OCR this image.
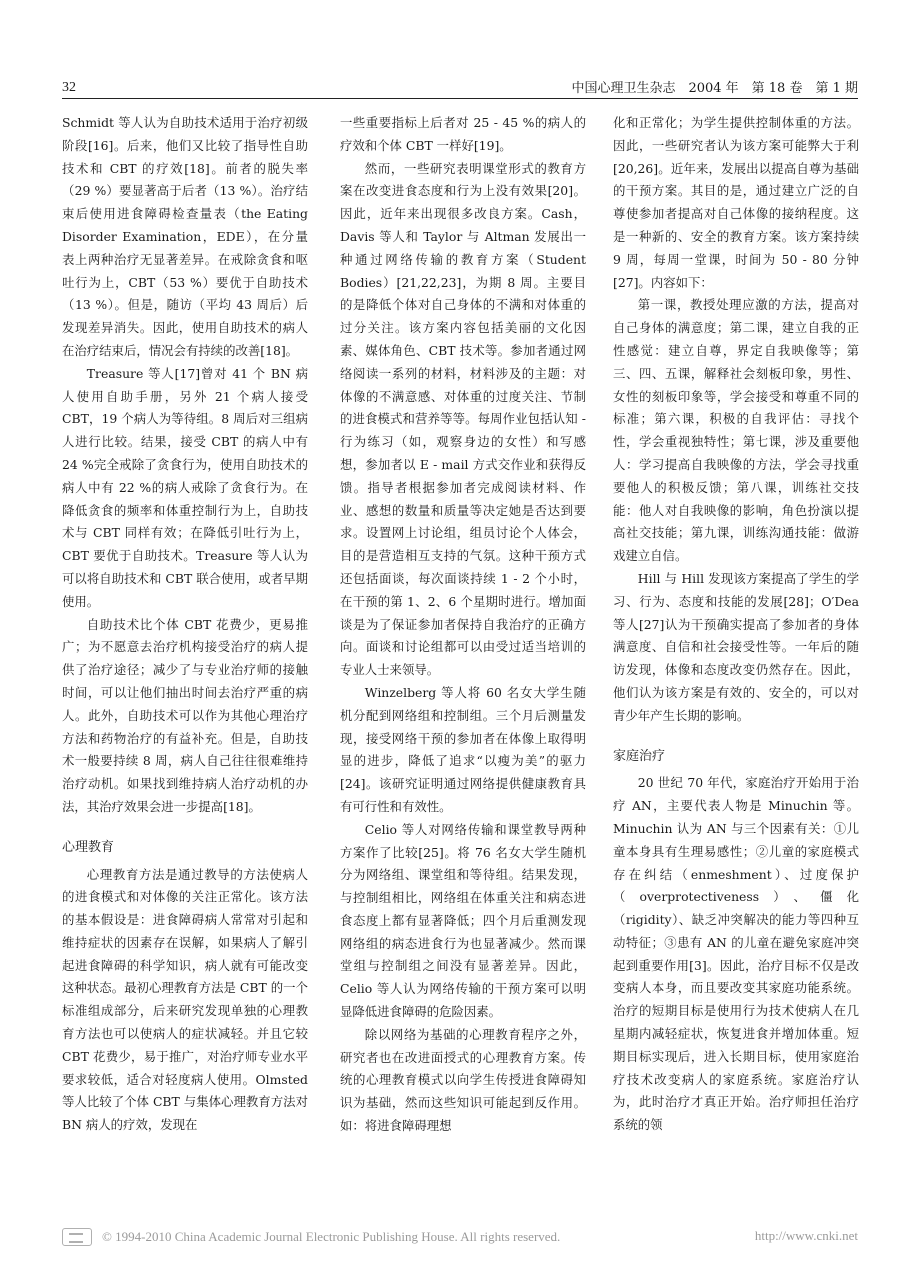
32	中国心理卫生杂志　2004 年　第 18 卷　第 1 期

Schmidt 等人认为自助技术适用于治疗初级阶段[16]。后来，他们又比较了指导性自助技术和 CBT 的疗效[18]。前者的脱失率（29 %）要显著高于后者（13 %）。治疗结束后使用进食障碍检查量表（the Eating Disorder Examination，EDE），在分量表上两种治疗无显著差异。在戒除贪食和呕吐行为上，CBT（53 %）要优于自助技术（13 %）。但是，随访（平均 43 周后）后发现差异消失。因此，使用自助技术的病人在治疗结束后，情况会有持续的改善[18]。

Treasure 等人[17]曾对 41 个 BN 病人使用自助手册，另外 21 个病人接受 CBT，19 个病人为等待组。8 周后对三组病人进行比较。结果，接受 CBT 的病人中有 24 %完全戒除了贪食行为，使用自助技术的病人中有 22 %的病人戒除了贪食行为。在降低贪食的频率和体重控制行为上，自助技术与 CBT 同样有效；在降低引吐行为上，CBT 要优于自助技术。Treasure 等人认为可以将自助技术和 CBT 联合使用，或者早期使用。

自助技术比个体 CBT 花费少，更易推广；为不愿意去治疗机构接受治疗的病人提供了治疗途径；减少了与专业治疗师的接触时间，可以让他们抽出时间去治疗严重的病人。此外，自助技术可以作为其他心理治疗方法和药物治疗的有益补充。但是，自助技术一般要持续 8 周，病人自己往往很难维持治疗动机。如果找到维持病人治疗动机的办法，其治疗效果会进一步提高[18]。

心理教育

心理教育方法是通过教导的方法使病人的进食模式和对体像的关注正常化。该方法的基本假设是：进食障碍病人常常对引起和维持症状的因素存在误解，如果病人了解引起进食障碍的科学知识，病人就有可能改变这种状态。最初心理教育方法是 CBT 的一个标准组成部分，后来研究发现单独的心理教育方法也可以使病人的症状减轻。并且它较 CBT 花费少，易于推广，对治疗师专业水平要求较低，适合对轻度病人使用。Olmsted 等人比较了个体 CBT 与集体心理教育方法对 BN 病人的疗效，发现在

一些重要指标上后者对 25 - 45 %的病人的疗效和个体 CBT 一样好[19]。

然而，一些研究表明课堂形式的教育方案在改变进食态度和行为上没有效果[20]。因此，近年来出现很多改良方案。Cash，Davis 等人和 Taylor 与 Altman 发展出一种通过网络传输的教育方案（Student Bodies）[21,22,23]，为期 8 周。主要目的是降低个体对自己身体的不满和对体重的过分关注。该方案内容包括美丽的文化因素、媒体角色、CBT 技术等。参加者通过网络阅读一系列的材料，材料涉及的主题：对体像的不满意感、对体重的过度关注、节制的进食模式和营养等等。每周作业包括认知 - 行为练习（如，观察身边的女性）和写感想，参加者以 E - mail 方式交作业和获得反馈。指导者根据参加者完成阅读材料、作业、感想的数量和质量等决定她是否达到要求。设置网上讨论组，组员讨论个人体会，目的是营造相互支持的气氛。这种干预方式还包括面谈，每次面谈持续 1 - 2 个小时，在干预的第 1、2、6 个星期时进行。增加面谈是为了保证参加者保持自我治疗的正确方向。面谈和讨论组都可以由受过适当培训的专业人士来领导。

Winzelberg 等人将 60 名女大学生随机分配到网络组和控制组。三个月后测量发现，接受网络干预的参加者在体像上取得明显的进步，降低了追求“以瘦为美”的驱力[24]。该研究证明通过网络提供健康教育具有可行性和有效性。

Celio 等人对网络传输和课堂教导两种方案作了比较[25]。将 76 名女大学生随机分为网络组、课堂组和等待组。结果发现，与控制组相比，网络组在体重关注和病态进食态度上都有显著降低；四个月后重测发现网络组的病态进食行为也显著减少。然而课堂组与控制组之间没有显著差异。因此，Celio 等人认为网络传输的干预方案可以明显降低进食障碍的危险因素。

除以网络为基础的心理教育程序之外，研究者也在改进面授式的心理教育方案。传统的心理教育模式以向学生传授进食障碍知识为基础，然而这些知识可能起到反作用。如：将进食障碍理想

化和正常化；为学生提供控制体重的方法。因此，一些研究者认为该方案可能弊大于利[20,26]。近年来，发展出以提高自尊为基础的干预方案。其目的是，通过建立广泛的自尊使参加者提高对自己体像的接纳程度。这是一种新的、安全的教育方案。该方案持续 9 周，每周一堂课，时间为 50 - 80 分钟[27]。内容如下：

第一课，教授处理应激的方法，提高对自己身体的满意度；第二课，建立自我的正性感觉：建立自尊，界定自我映像等；第三、四、五课，解释社会刻板印象，男性、女性的刻板印象等，学会接受和尊重不同的标准；第六课，积极的自我评估：寻找个性，学会重视独特性；第七课，涉及重要他人：学习提高自我映像的方法，学会寻找重要他人的积极反馈；第八课，训练社交技能：他人对自我映像的影响，角色扮演以提高社交技能；第九课，训练沟通技能：做游戏建立自信。

Hill 与 Hill 发现该方案提高了学生的学习、行为、态度和技能的发展[28]；O′Dea 等人[27]认为干预确实提高了参加者的身体满意度、自信和社会接受性等。一年后的随访发现，体像和态度改变仍然存在。因此，他们认为该方案是有效的、安全的，可以对青少年产生长期的影响。

家庭治疗

20 世纪 70 年代，家庭治疗开始用于治疗 AN，主要代表人物是 Minuchin 等。Minuchin 认为 AN 与三个因素有关：①儿童本身具有生理易感性；②儿童的家庭模式存在纠结（enmeshment）、过度保护（overprotectiveness）、僵化（rigidity）、缺乏冲突解决的能力等四种互动特征；③患有 AN 的儿童在避免家庭冲突起到重要作用[3]。因此，治疗目标不仅是改变病人本身，而且要改变其家庭功能系统。治疗的短期目标是使用行为技术使病人在几星期内减轻症状，恢复进食并增加体重。短期目标实现后，进入长期目标，使用家庭治疗技术改变病人的家庭系统。家庭治疗认为，此时治疗才真正开始。治疗师担任治疗系统的领

© 1994-2010 China Academic Journal Electronic Publishing House. All rights reserved.	http://www.cnki.net
